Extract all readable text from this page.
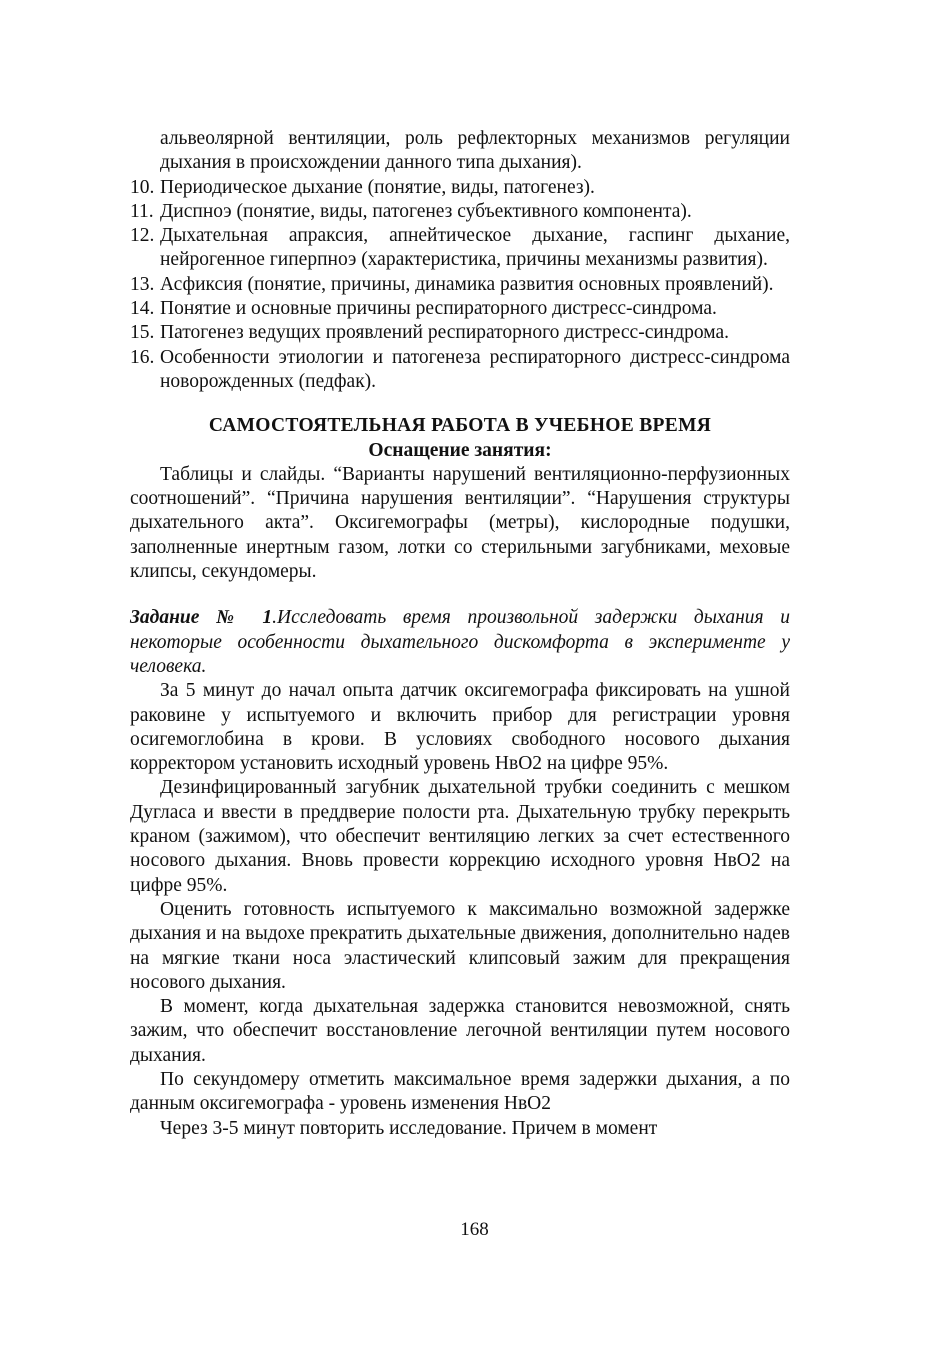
альвеолярной вентиляции, роль рефлекторных механизмов регуляции дыхания в происхождении данного типа дыхания).

10. Периодическое дыхание (понятие, виды, патогенез).

11. Диспноэ (понятие, виды, патогенез субъективного компонента).

12. Дыхательная апраксия, апнейтическое дыхание, гаспинг дыхание, нейрогенное гиперпноэ (характеристика, причины механизмы развития).

13. Асфиксия (понятие, причины, динамика развития основных проявлений).

14. Понятие и основные причины респираторного дистресс-синдрома.

15. Патогенез ведущих проявлений респираторного дистресс-синдрома.

16. Особенности этиологии и патогенеза респираторного дистресс-синдрома новорожденных (педфак).

САМОСТОЯТЕЛЬНАЯ РАБОТА В УЧЕБНОЕ ВРЕМЯ

Оснащение занятия:

Таблицы и слайды. “Варианты нарушений вентиляционно-перфузионных соотношений”. “Причина нарушения вентиляции”. “Нарушения структуры дыхательного акта”. Оксигемографы (метры), кислородные подушки, заполненные инертным газом, лотки со стерильными загубниками, меховые клипсы, секундомеры.

Задание № 1.Исследовать время произвольной задержки дыхания и некоторые особенности дыхательного дискомфорта в эксперименте у человека.

За 5 минут до начал опыта датчик оксигемографа фиксировать на ушной раковине у испытуемого и включить прибор для регистрации уровня осигемоглобина в крови. В условиях свободного носового дыхания корректором установить исходный уровень НвО2 на цифре 95%.

Дезинфицированный загубник дыхательной трубки соединить с мешком Дугласа и ввести в преддверие полости рта. Дыхательную трубку перекрыть краном (зажимом), что обеспечит вентиляцию легких за счет естественного носового дыхания. Вновь провести коррекцию исходного уровня НвО2 на цифре 95%.

Оценить готовность испытуемого к максимально возможной задержке дыхания и на выдохе прекратить дыхательные движения, дополнительно надев на мягкие ткани носа эластический клипсовый зажим для прекращения носового дыхания.

В момент, когда дыхательная задержка становится невозможной, снять зажим, что обеспечит восстановление легочной вентиляции путем носового дыхания.

По секундомеру отметить максимальное время задержки дыхания, а по данным оксигемографа - уровень изменения НвО2

Через 3-5 минут повторить исследование. Причем в момент

168
